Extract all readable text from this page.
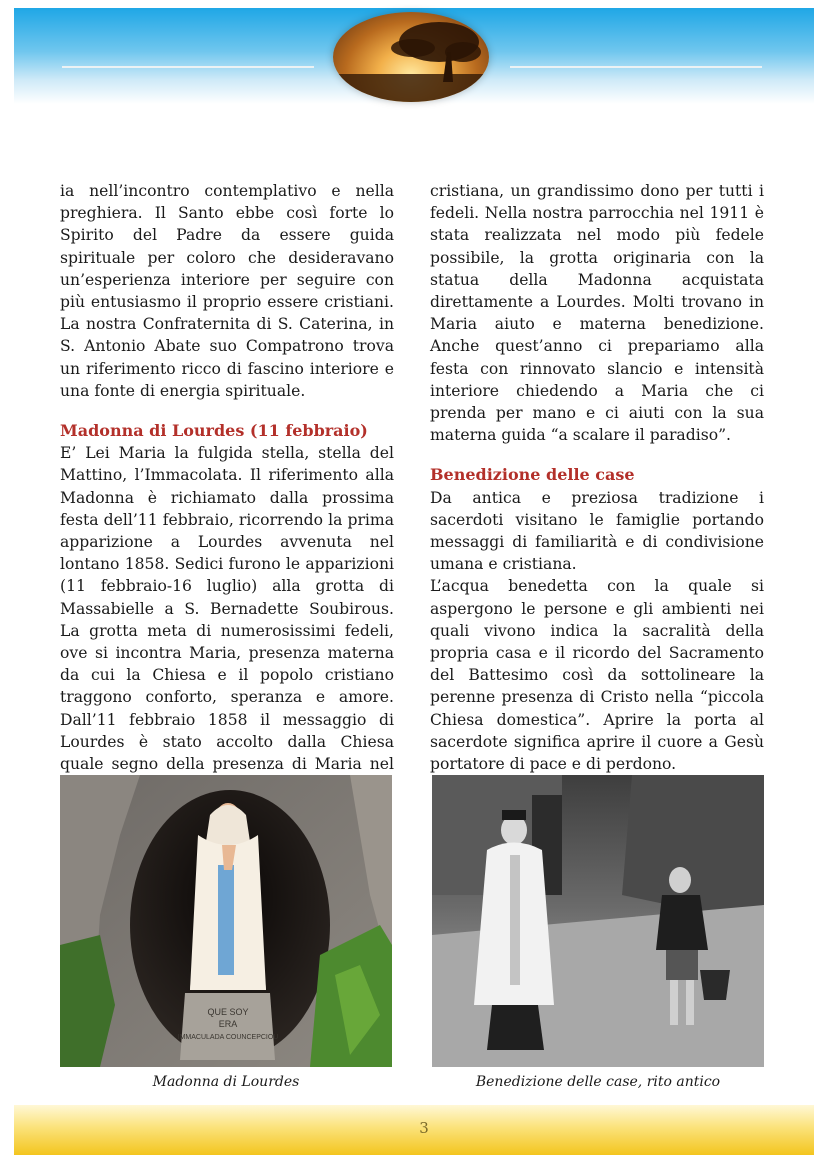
ia nell’incontro contemplativo e nella preghiera. Il Santo ebbe così forte lo Spirito del Padre da essere guida spirituale per coloro che desideravano un’esperienza interiore per seguire con più entusiasmo il proprio essere cristiani. La nostra Confraternita di S. Caterina, in S. Antonio Abate suo Compatrono trova un riferimento ricco di fascino interiore e una fonte di energia spirituale.

Madonna di Lourdes (11 febbraio)

E’ Lei Maria la fulgida stella, stella del Mattino, l’Immacolata. Il riferimento alla Madonna è richiamato dalla prossima festa dell’11 febbraio, ricorrendo la prima apparizione a Lourdes avvenuta nel lontano 1858. Sedici furono le apparizioni (11 febbraio-16 luglio) alla grotta di Massabielle a S. Bernadette Soubirous. La grotta meta di numerosissimi fedeli, ove si incontra Maria, presenza materna da cui la Chiesa e il popolo cristiano traggono conforto, speranza e amore. Dall’11 febbraio 1858 il messaggio di Lourdes è stato accolto dalla Chiesa quale segno della presenza di Maria nel

cristiana, un grandissimo dono per tutti i fedeli. Nella nostra parrocchia nel 1911 è stata realizzata nel modo più fedele possibile, la grotta originaria con la statua della Madonna acquistata direttamente a Lourdes. Molti trovano in Maria aiuto e materna benedizione. Anche quest’anno ci prepariamo alla festa con rinnovato slancio e intensità interiore chiedendo a Maria che ci prenda per mano e ci aiuti con la sua materna guida “a scalare il paradiso”.

Benedizione delle case

Da antica e preziosa tradizione i sacerdoti visitano le famiglie portando messaggi di familiarità e di condivisione umana e cristiana.

L’acqua benedetta con la quale si aspergono le persone e gli ambienti nei quali vivono indica la sacralità della propria casa e il ricordo del Sacramento del Battesimo così da sottolineare la perenne presenza di Cristo nella “piccola Chiesa domestica”. Aprire la porta al sacerdote significa aprire il cuore a Gesù portatore di pace e di perdono.

QUE SOY
ERA
IMMACULADA COUNCEPCIOU
Madonna di Lourdes	Benedizione delle case, rito antico
3
